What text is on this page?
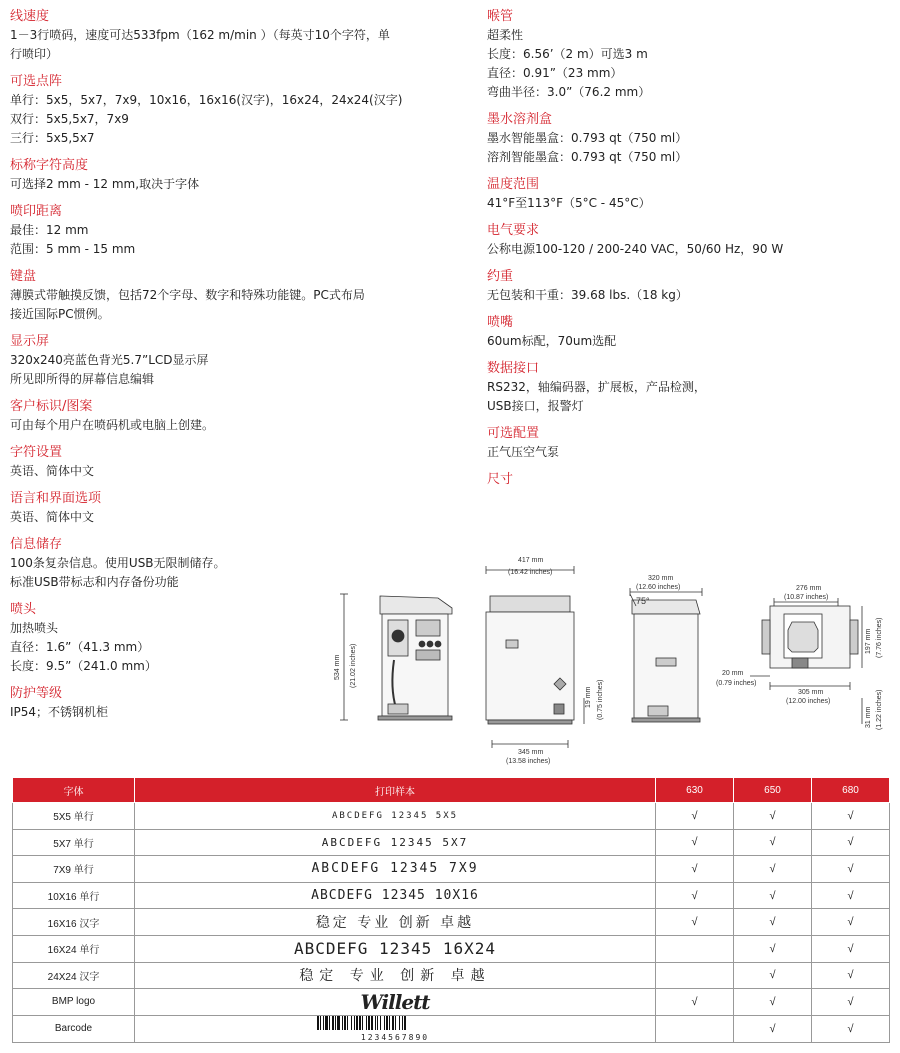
线速度
1－3行喷码，速度可达533fpm（162 m/min ）（每英寸10个字符，单
行喷印）
可选点阵
单行：5x5，5x7，7x9，10x16，16x16(汉字)，16x24，24x24(汉字)
双行：5x5,5x7，7x9
三行：5x5,5x7
标称字符高度
可选择2 mm - 12 mm,取决于字体
喷印距离
最佳：12 mm
范围：5 mm - 15 mm
键盘
薄膜式带触摸反馈，包括72个字母、数字和特殊功能键。PC式布局
接近国际PC惯例。
显示屏
320x240亮蓝色背光5.7”LCD显示屏
所见即所得的屏幕信息编辑
客户标识/图案
可由每个用户在喷码机或电脑上创建。
字符设置
英语、简体中文
语言和界面选项
英语、简体中文
信息储存
100条复杂信息。使用USB无限制储存。
标准USB带标志和内存备份功能
喷头
加热喷头
直径：1.6”（41.3 mm）
长度：9.5”（241.0 mm）
防护等级
IP54；不锈钢机柜
喉管
超柔性
长度：6.56’（2 m）可选3 m
直径：0.91”（23 mm）
弯曲半径：3.0”（76.2 mm）
墨水溶剂盒
墨水智能墨盒：0.793 qt（750 ml）
溶剂智能墨盒：0.793 qt（750 ml）
温度范围
41°F至113°F（5°C - 45°C）
电气要求
公称电源100-120 / 200-240 VAC，50/60 Hz，90 W
约重
无包装和干重：39.68 lbs.（18 kg）
喷嘴
60um标配，70um选配
数据接口
RS232，轴编码器，扩展板，产品检测，
USB接口，报警灯
可选配置
正气压空气泵
尺寸
534 mm (21.02 inches)
417 mm
(16.42 inches)
345 mm
(13.58 inches)
19 mm (0.75 inches)
320 mm
(12.60 inches)
75°
276 mm
(10.87 inches)
197 mm (7.76 inches)
20 mm
(0.79 inches)
305 mm
(12.00 inches)
31 mm (1.22 inches)
字体	打印样本	630	650	680
5X5 单行	ABCDEFG 12345 5X5	√	√	√
5X7 单行	ABCDEFG 12345 5X7	√	√	√
7X9 单行	ABCDEFG 12345 7X9	√	√	√
10X16 单行	ABCDEFG 12345 10X16	√	√	√
16X16 汉字	稳定 专业 创新 卓越	√	√	√
16X24 单行	ABCDEFG 12345 16X24		√	√
24X24 汉字	稳定 专业 创新 卓越		√	√
BMP logo	Willett	√	√	√
Barcode	1234567890		√	√
